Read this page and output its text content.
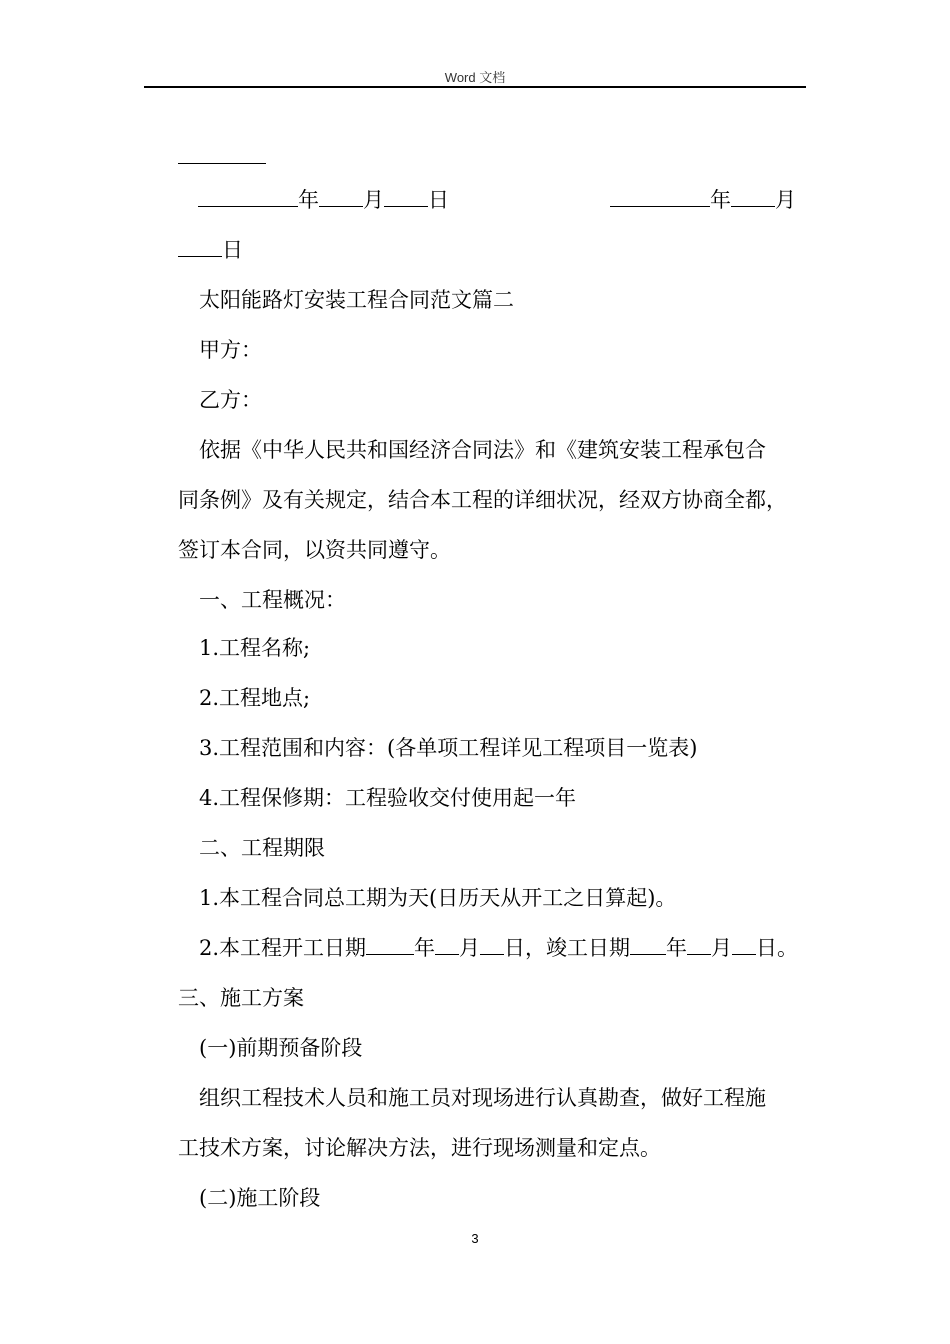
Word 文档
年 月 日	年 月
日
太阳能路灯安装工程合同范文篇二
甲方：
乙方：
依据《中华人民共和国经济合同法》和《建筑安装工程承包合
同条例》及有关规定，结合本工程的详细状况，经双方协商全都，
签订本合同，以资共同遵守。
一、工程概况：
1.工程名称;
2.工程地点;
3.工程范围和内容：(各单项工程详见工程项目一览表)
4.工程保修期：工程验收交付使用起一年
二、工程期限
1.本工程合同总工期为天(日历天从开工之日算起)。
2.本工程开工日期 年 月 日，竣工日期 年 月 日。
三、施工方案
(一)前期预备阶段
组织工程技术人员和施工员对现场进行认真勘查，做好工程施
工技术方案，讨论解决方法，进行现场测量和定点。
(二)施工阶段
3
